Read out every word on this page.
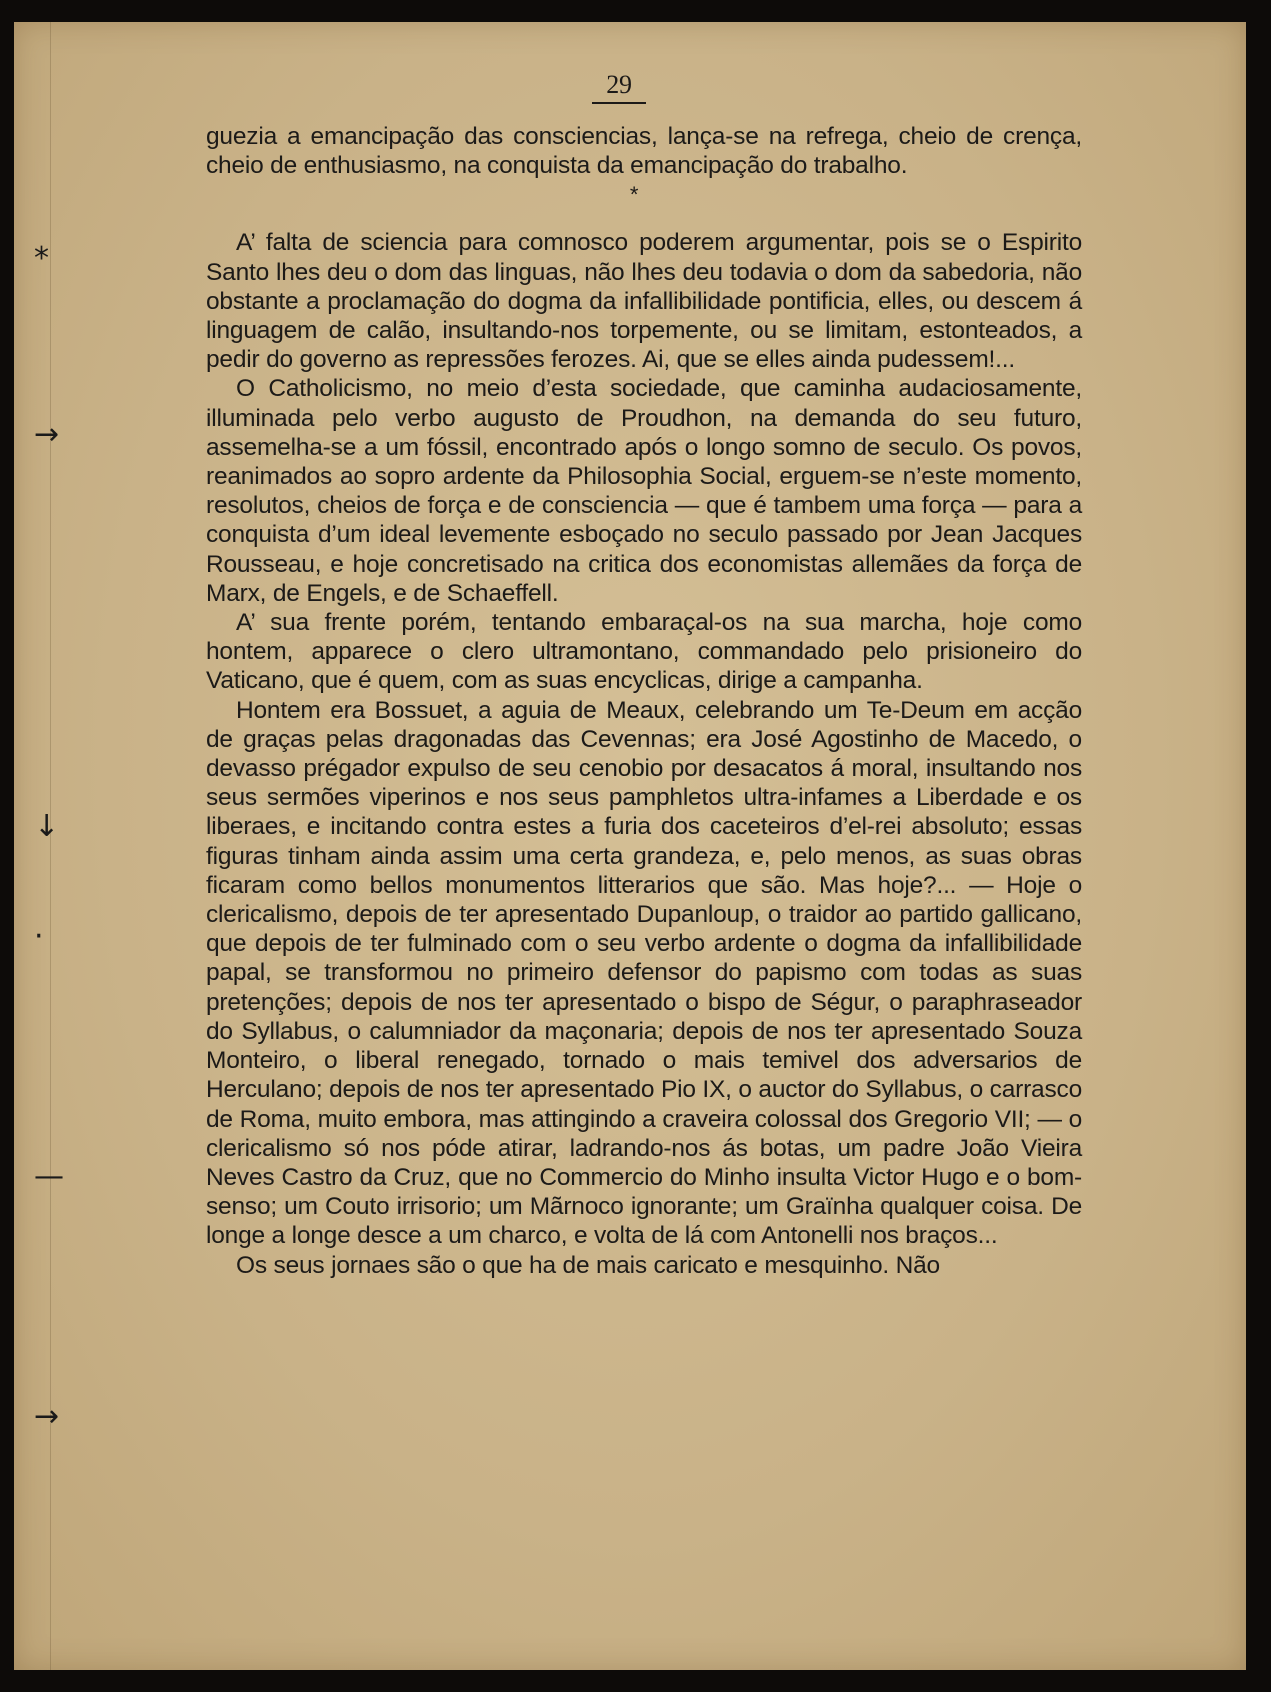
*
→
↓
·
—
→
29

guezia a emancipação das consciencias, lança-se na refrega, cheio de crença, cheio de enthusiasmo, na conquista da emancipação do trabalho.

*

A’ falta de sciencia para comnosco poderem argumentar, pois se o Espirito Santo lhes deu o dom das linguas, não lhes deu todavia o dom da sabedoria, não obstante a proclamação do dogma da infallibilidade pontificia, elles, ou descem á linguagem de calão, insultando-nos torpemente, ou se limitam, estonteados, a pedir do governo as repressões ferozes. Ai, que se elles ainda pudessem!...

O Catholicismo, no meio d’esta sociedade, que caminha audaciosamente, illuminada pelo verbo augusto de Proudhon, na demanda do seu futuro, assemelha-se a um fóssil, encontrado após o longo somno de seculo. Os povos, reanimados ao sopro ardente da Philosophia Social, erguem-se n’este momento, resolutos, cheios de força e de consciencia — que é tambem uma força — para a conquista d’um ideal levemente esboçado no seculo passado por Jean Jacques Rousseau, e hoje concretisado na critica dos economistas allemães da força de Marx, de Engels, e de Schaeffell.

A’ sua frente porém, tentando embaraçal-os na sua marcha, hoje como hontem, apparece o clero ultramontano, commandado pelo prisioneiro do Vaticano, que é quem, com as suas encyclicas, dirige a campanha.

Hontem era Bossuet, a aguia de Meaux, celebrando um Te-Deum em acção de graças pelas dragonadas das Cevennas; era José Agostinho de Macedo, o devasso prégador expulso de seu cenobio por desacatos á moral, insultando nos seus sermões viperinos e nos seus pamphletos ultra-infames a Liberdade e os liberaes, e incitando contra estes a furia dos caceteiros d’el-rei absoluto; essas figuras tinham ainda assim uma certa grandeza, e, pelo menos, as suas obras ficaram como bellos monumentos litterarios que são. Mas hoje?... — Hoje o clericalismo, depois de ter apresentado Dupanloup, o traidor ao partido gallicano, que depois de ter fulminado com o seu verbo ardente o dogma da infallibilidade papal, se transformou no primeiro defensor do papismo com todas as suas pretenções; depois de nos ter apresentado o bispo de Ségur, o paraphraseador do Syllabus, o calumniador da maçonaria; depois de nos ter apresentado Souza Monteiro, o liberal renegado, tornado o mais temivel dos adversarios de Herculano; depois de nos ter apresentado Pio IX, o auctor do Syllabus, o carrasco de Roma, muito embora, mas attingindo a craveira colossal dos Gregorio VII; — o clericalismo só nos póde atirar, ladrando-nos ás botas, um padre João Vieira Neves Castro da Cruz, que no Commercio do Minho insulta Victor Hugo e o bom-senso; um Couto irrisorio; um Mãrnoco ignorante; um Graïnha qualquer coisa. De longe a longe desce a um charco, e volta de lá com Antonelli nos braços...

Os seus jornaes são o que ha de mais caricato e mesquinho. Não
